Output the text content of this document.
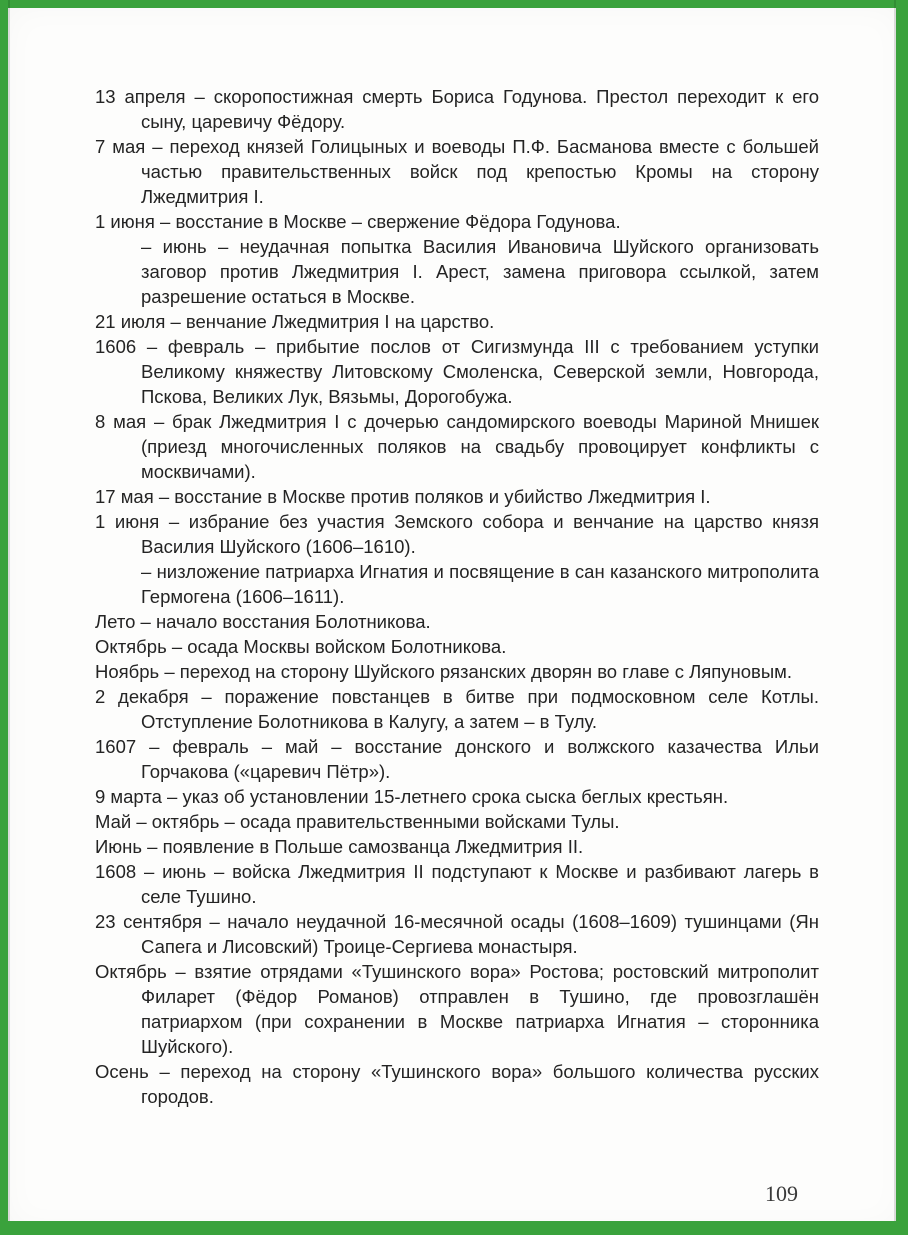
13 апреля – скоропостижная смерть Бориса Годунова. Престол переходит к его сыну, царевичу Фёдору.

7 мая – переход князей Голицыных и воеводы П.Ф. Басманова вместе с большей частью правительственных войск под крепостью Кромы на сторону Лжедмитрия I.

1 июня – восстание в Москве – свержение Фёдора Годунова.

– июнь – неудачная попытка Василия Ивановича Шуйского организовать заговор против Лжедмитрия I. Арест, замена приговора ссылкой, затем разрешение остаться в Москве.

21 июля – венчание Лжедмитрия I на царство.

1606 – февраль – прибытие послов от Сигизмунда III с требованием уступки Великому княжеству Литовскому Смоленска, Северской земли, Новгорода, Пскова, Великих Лук, Вязьмы, Дорогобужа.

8 мая – брак Лжедмитрия I с дочерью сандомирского воеводы Мариной Мнишек (приезд многочисленных поляков на свадьбу провоцирует конфликты с москвичами).

17 мая – восстание в Москве против поляков и убийство Лжедмитрия I.

1 июня – избрание без участия Земского собора и венчание на царство князя Василия Шуйского (1606–1610).

– низложение патриарха Игнатия и посвящение в сан казанского митрополита Гермогена (1606–1611).

Лето – начало восстания Болотникова.

Октябрь – осада Москвы войском Болотникова.

Ноябрь – переход на сторону Шуйского рязанских дворян во главе с Ляпуновым.

2 декабря – поражение повстанцев в битве при подмосковном селе Котлы. Отступление Болотникова в Калугу, а затем – в Тулу.

1607 – февраль – май – восстание донского и волжского казачества Ильи Горчакова («царевич Пётр»).

9 марта – указ об установлении 15-летнего срока сыска беглых крестьян.

Май – октябрь – осада правительственными войсками Тулы.

Июнь – появление в Польше самозванца Лжедмитрия II.

1608 – июнь – войска Лжедмитрия II подступают к Москве и разбивают лагерь в селе Тушино.

23 сентября – начало неудачной 16-месячной осады (1608–1609) тушинцами (Ян Сапега и Лисовский) Троице-Сергиева монастыря.

Октябрь – взятие отрядами «Тушинского вора» Ростова; ростовский митрополит Филарет (Фёдор Романов) отправлен в Тушино, где провозглашён патриархом (при сохранении в Москве патриарха Игнатия – сторонника Шуйского).

Осень – переход на сторону «Тушинского вора» большого количества русских городов.

109
